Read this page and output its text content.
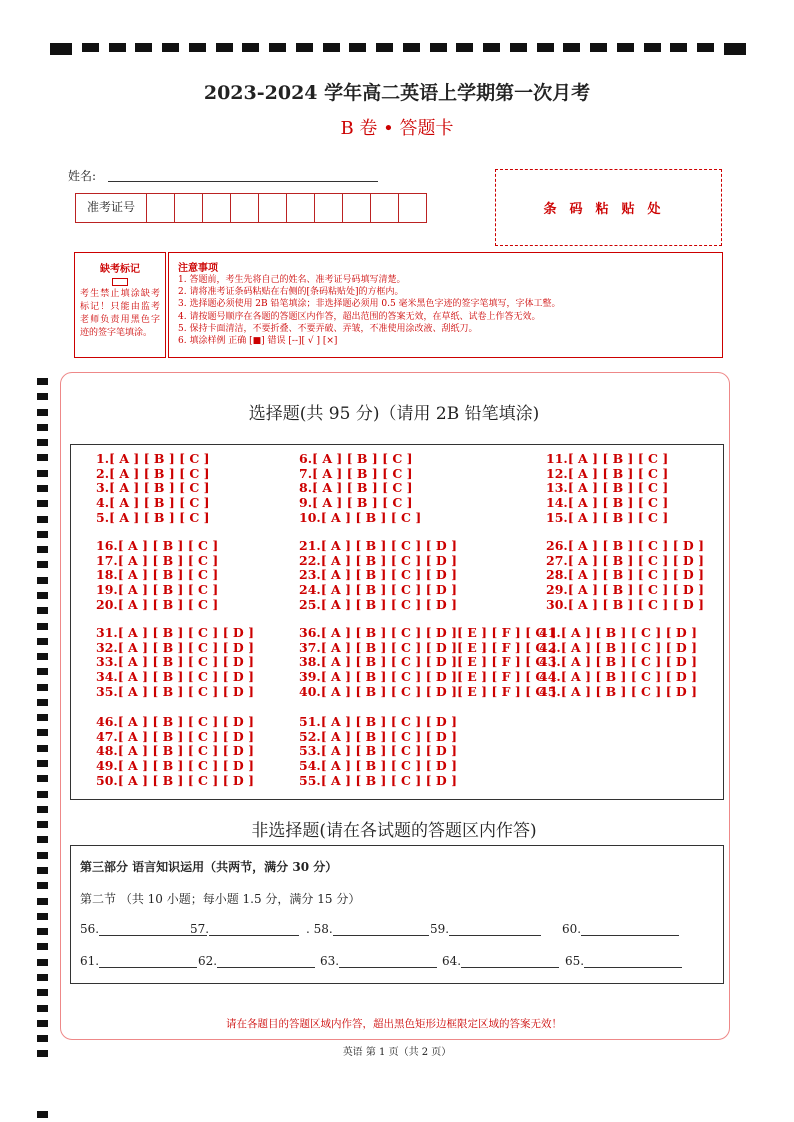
2023-2024 学年高二英语上学期第一次月考
B 卷 • 答题卡
姓名:
准考证号	条码粘贴处
缺考标记
考生禁止填涂缺考标记！只能由监考老师负责用黑色字迹的签字笔填涂。
注意事项
1. 答题前，考生先将自己的姓名、准考证号码填写清楚。
2. 请将准考证条码粘贴在右侧的[条码粘贴处]的方框内。
3. 选择题必须使用 2B 铅笔填涂；非选择题必须用 0.5 毫米黑色字迹的签字笔填写，字体工整。
4. 请按题号顺序在各题的答题区内作答，超出范围的答案无效，在草纸、试卷上作答无效。
5. 保持卡面清洁，不要折叠、不要弄破、弄皱，不准使用涂改液、刮纸刀。
6. 填涂样例 正确 [■] 错误 [--][ √ ] [×]
选择题(共 95 分)（请用 2B 铅笔填涂)
1.[ A ] [ B ] [ C ]
2.[ A ] [ B ] [ C ]
3.[ A ] [ B ] [ C ]
4.[ A ] [ B ] [ C ]
5.[ A ] [ B ] [ C ]
6.[ A ] [ B ] [ C ]
7.[ A ] [ B ] [ C ]
8.[ A ] [ B ] [ C ]
9.[ A ] [ B ] [ C ]
10.[ A ] [ B ] [ C ]
11.[ A ] [ B ] [ C ]
12.[ A ] [ B ] [ C ]
13.[ A ] [ B ] [ C ]
14.[ A ] [ B ] [ C ]
15.[ A ] [ B ] [ C ]
16.[ A ] [ B ] [ C ]
17.[ A ] [ B ] [ C ]
18.[ A ] [ B ] [ C ]
19.[ A ] [ B ] [ C ]
20.[ A ] [ B ] [ C ]
21.[ A ] [ B ] [ C ] [ D ]
22.[ A ] [ B ] [ C ] [ D ]
23.[ A ] [ B ] [ C ] [ D ]
24.[ A ] [ B ] [ C ] [ D ]
25.[ A ] [ B ] [ C ] [ D ]
26.[ A ] [ B ] [ C ] [ D ]
27.[ A ] [ B ] [ C ] [ D ]
28.[ A ] [ B ] [ C ] [ D ]
29.[ A ] [ B ] [ C ] [ D ]
30.[ A ] [ B ] [ C ] [ D ]
31.[ A ] [ B ] [ C ] [ D ]
32.[ A ] [ B ] [ C ] [ D ]
33.[ A ] [ B ] [ C ] [ D ]
34.[ A ] [ B ] [ C ] [ D ]
35.[ A ] [ B ] [ C ] [ D ]
36.[ A ] [ B ] [ C ] [ D ][ E ] [ F ] [ G ]
37.[ A ] [ B ] [ C ] [ D ][ E ] [ F ] [ G ]
38.[ A ] [ B ] [ C ] [ D ][ E ] [ F ] [ G ]
39.[ A ] [ B ] [ C ] [ D ][ E ] [ F ] [ G ]
40.[ A ] [ B ] [ C ] [ D ][ E ] [ F ] [ G ]
41.[ A ] [ B ] [ C ] [ D ]
42.[ A ] [ B ] [ C ] [ D ]
43.[ A ] [ B ] [ C ] [ D ]
44.[ A ] [ B ] [ C ] [ D ]
45.[ A ] [ B ] [ C ] [ D ]
46.[ A ] [ B ] [ C ] [ D ]
47.[ A ] [ B ] [ C ] [ D ]
48.[ A ] [ B ] [ C ] [ D ]
49.[ A ] [ B ] [ C ] [ D ]
50.[ A ] [ B ] [ C ] [ D ]
51.[ A ] [ B ] [ C ] [ D ]
52.[ A ] [ B ] [ C ] [ D ]
53.[ A ] [ B ] [ C ] [ D ]
54.[ A ] [ B ] [ C ] [ D ]
55.[ A ] [ B ] [ C ] [ D ]
非选择题(请在各试题的答题区内作答)
第三部分 语言知识运用（共两节，满分 30 分）
第二节 （共 10 小题；每小题 1.5 分，满分 15 分）
56.	57.	. 58.	59.	60.
61.	62.	63.	64.	65.
请在各题目的答题区域内作答，超出黑色矩形边框限定区域的答案无效！
英语 第 1 页（共 2 页）
